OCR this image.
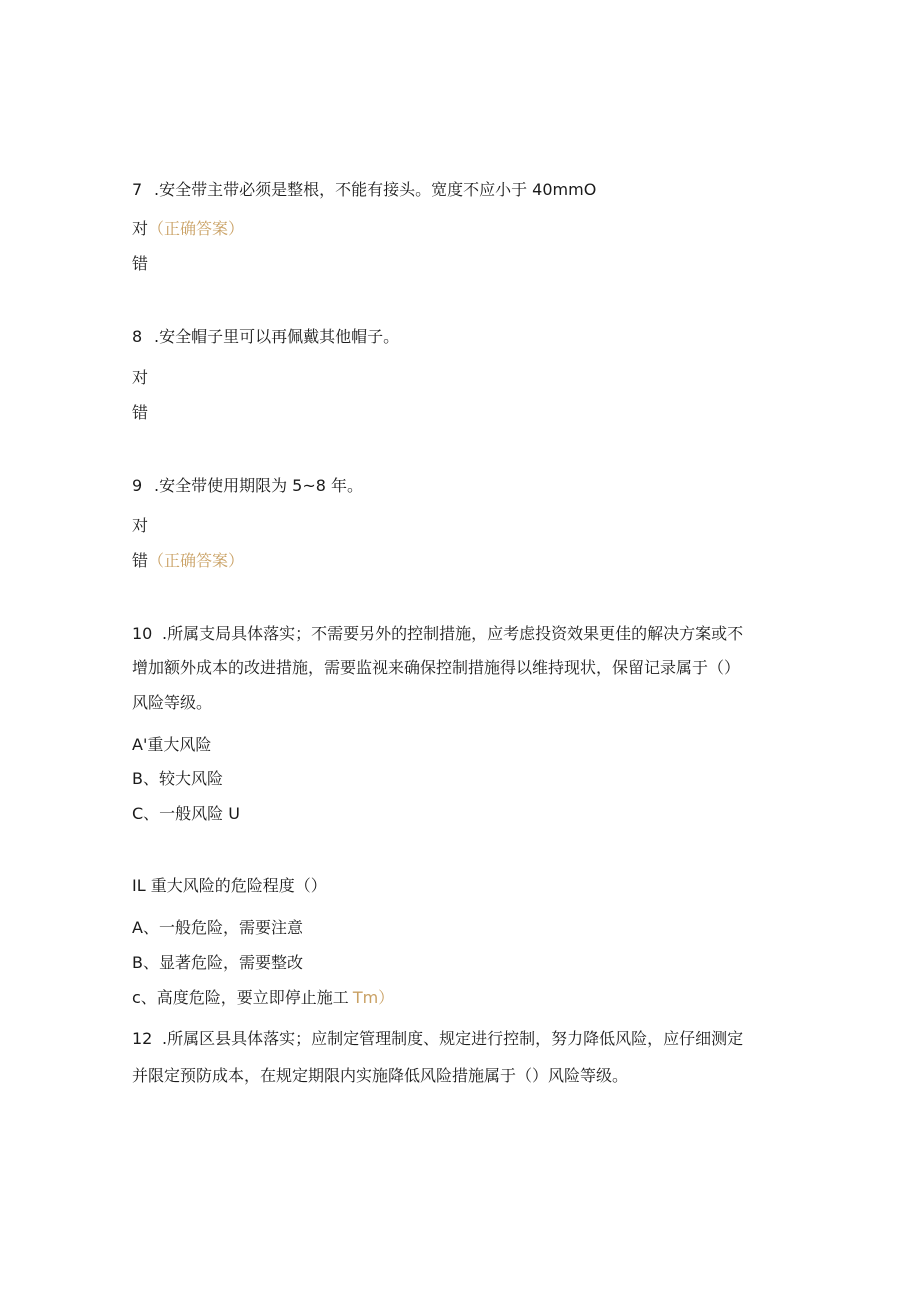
7 .安全带主带必须是整根，不能有接头。宽度不应小于 40mmO
对（正确答案）
错
8 .安全帽子里可以再佩戴其他帽子。
对
错
9 .安全带使用期限为 5~8 年。
对
错（正确答案）
10 .所属支局具体落实；不需要另外的控制措施，应考虑投资效果更佳的解决方案或不
增加额外成本的改进措施，需要监视来确保控制措施得以维持现状，保留记录属于（）
风险等级。
A'重大风险
B、较大风险
C、一般风险 U
IL 重大风险的危险程度（）
A、一般危险，需要注意
B、显著危险，需要整改
c、高度危险，要立即停止施工 Tm）
12 .所属区县具体落实；应制定管理制度、规定进行控制，努力降低风险，应仔细测定
并限定预防成本，在规定期限内实施降低风险措施属于（）风险等级。
